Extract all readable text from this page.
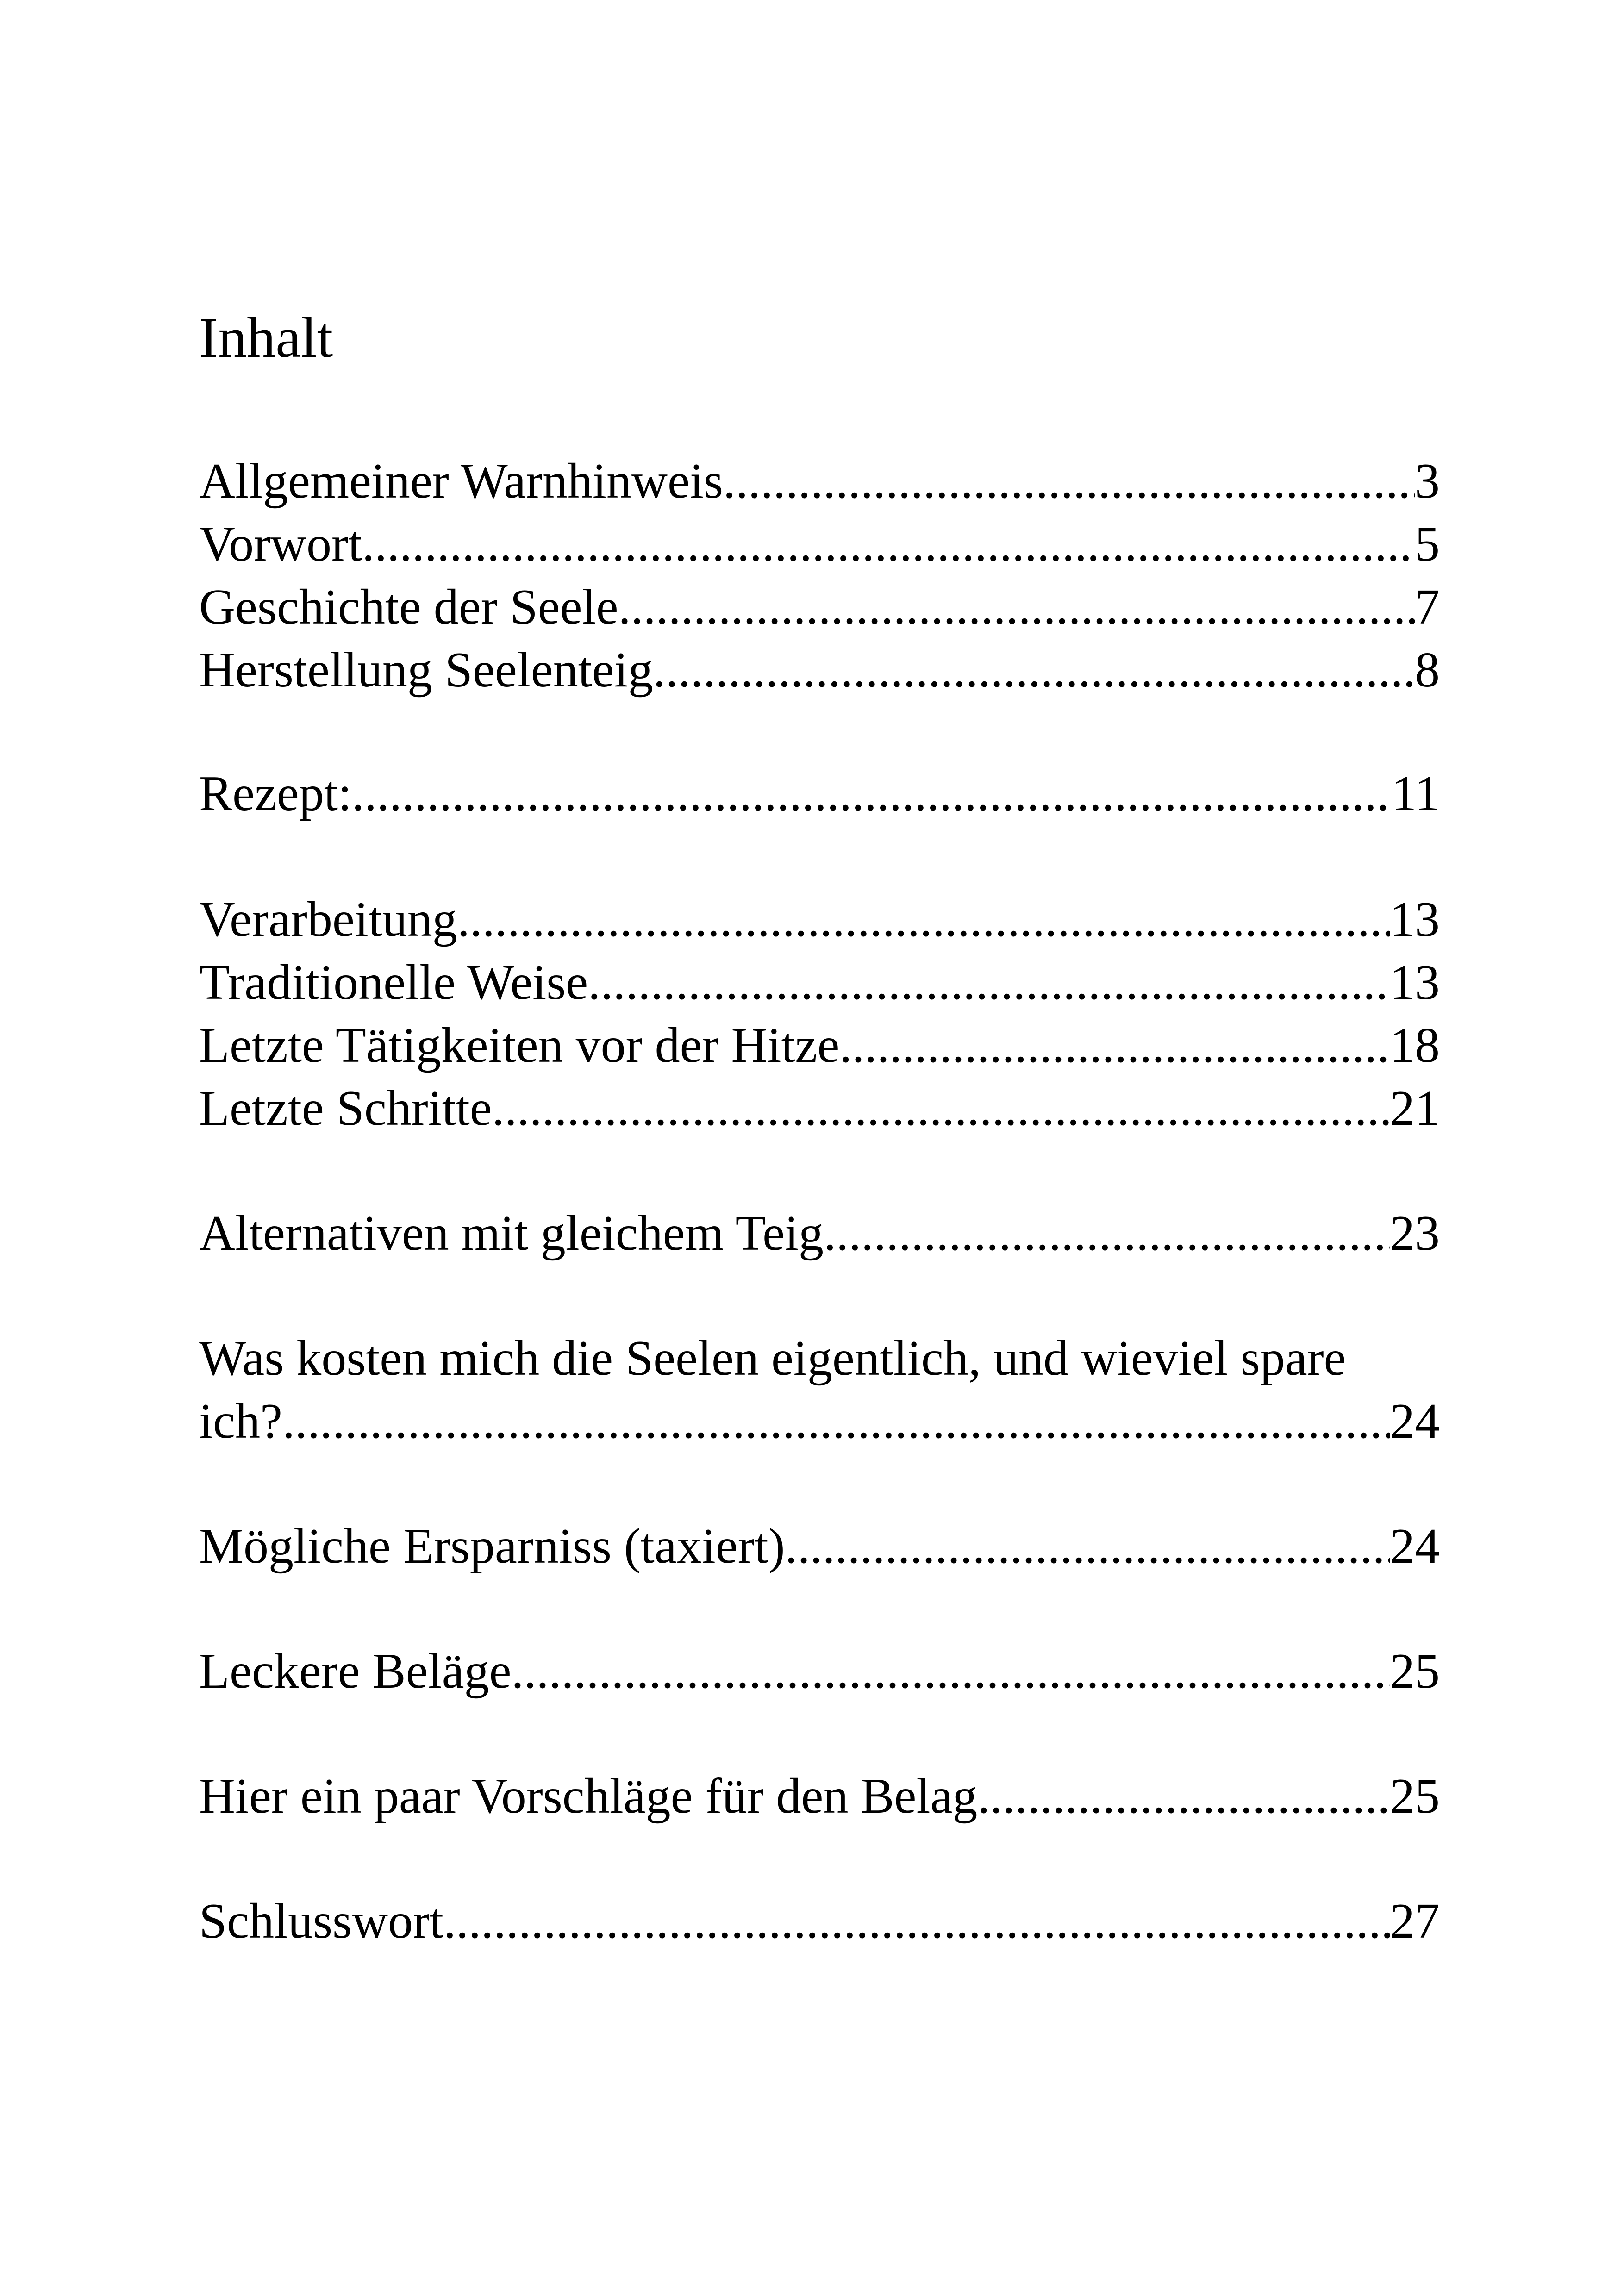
Inhalt
Allgemeiner Warnhinweis .....	3
Vorwort .....	5
Geschichte der Seele .....	7
Herstellung Seelenteig .....	8
Rezept: .....	11
Verarbeitung .....	13
Traditionelle Weise .....	13
Letzte Tätigkeiten vor der Hitze .....	18
Letzte Schritte .....	21
Alternativen mit gleichem Teig .....	23
Was kosten mich die Seelen eigentlich, und wieviel spare
ich? .....	24
Mögliche Ersparniss (taxiert) .....	24
Leckere Beläge .....	25
Hier ein paar Vorschläge für den Belag .....	25
Schlusswort .....	27
